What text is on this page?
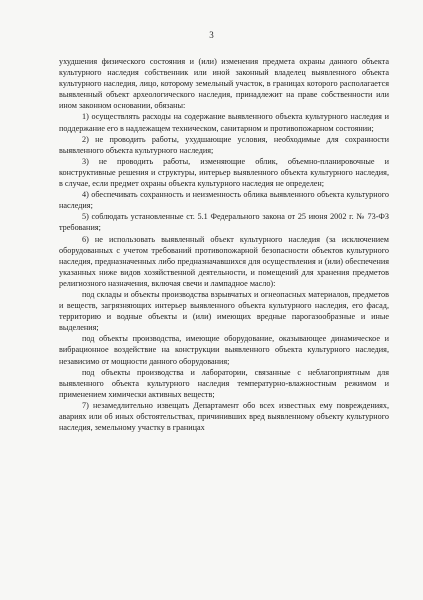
3

ухудшения физического состояния и (или) изменения предмета охраны данного объекта культурного наследия собственник или иной законный владелец выявленного объекта культурного наследия, лицо, которому земельный участок, в границах которого располагается выявленный объект археологического наследия, принадлежит на праве собственности или ином законном основании, обязаны:

1) осуществлять расходы на содержание выявленного объекта культурного наследия и поддержание его в надлежащем техническом, санитарном и противопожарном состоянии;

2) не проводить работы, ухудшающие условия, необходимые для сохранности выявленного объекта культурного наследия;

3) не проводить работы, изменяющие облик, объемно-планировочные и конструктивные решения и структуры, интерьер выявленного объекта культурного наследия, в случае, если предмет охраны объекта культурного наследия не определен;

4) обеспечивать сохранность и неизменность облика выявленного объекта культурного наследия;

5) соблюдать установленные ст. 5.1 Федерального закона от 25 июня 2002 г. № 73-ФЗ требования;

6) не использовать выявленный объект культурного наследия (за исключением оборудованных с учетом требований противопожарной безопасности объектов культурного наследия, предназначенных либо предназначавшихся для осуществления и (или) обеспечения указанных ниже видов хозяйственной деятельности, и помещений для хранения предметов религиозного назначения, включая свечи и лампадное масло):

под склады и объекты производства взрывчатых и огнеопасных материалов, предметов и веществ, загрязняющих интерьер выявленного объекта культурного наследия, его фасад, территорию и водные объекты и (или) имеющих вредные парогазообразные и иные выделения;

под объекты производства, имеющие оборудование, оказывающее динамическое и вибрационное воздействие на конструкции выявленного объекта культурного наследия, независимо от мощности данного оборудования;

под объекты производства и лаборатории, связанные с неблагоприятным для выявленного объекта культурного наследия температурно-влажностным режимом и применением химически активных веществ;

7) незамедлительно извещать Департамент обо всех известных ему повреждениях, авариях или об иных обстоятельствах, причинивших вред выявленному объекту культурного наследия, земельному участку в границах
